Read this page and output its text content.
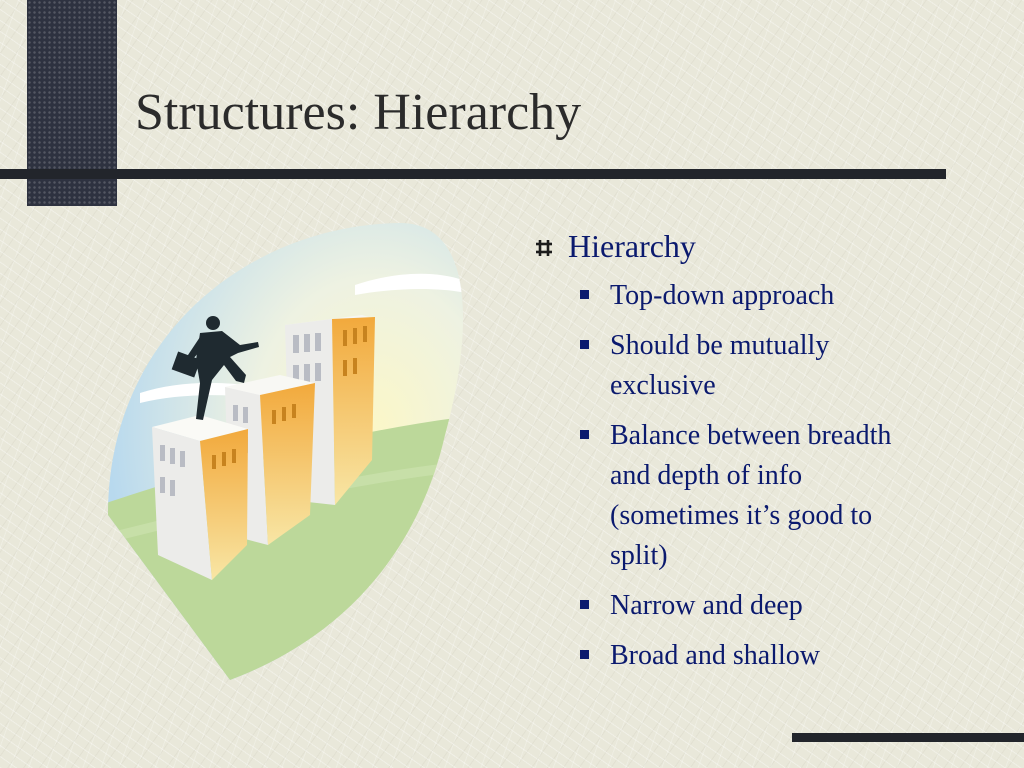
Structures: Hierarchy
Hierarchy
Top-down approach
Should be mutually exclusive
Balance between breadth and depth of info (sometimes it’s good to split)
Narrow and deep
Broad and shallow
